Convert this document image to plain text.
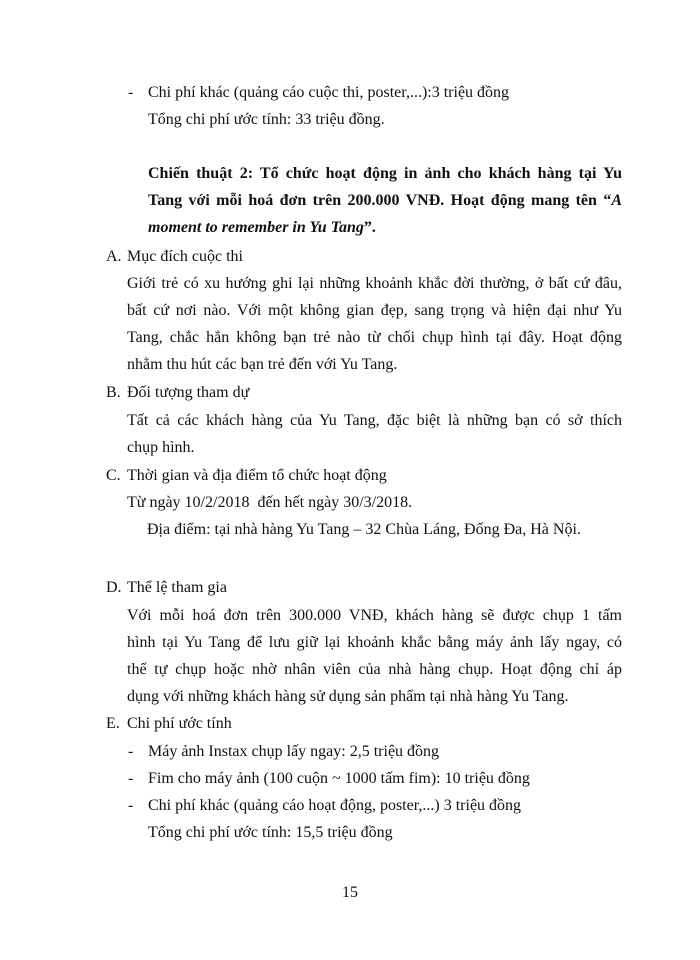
- Chi phí khác (quảng cáo cuộc thi, poster,...):3 triệu đồng
Tổng chi phí ước tính: 33 triệu đồng.
Chiến thuật 2: Tổ chức hoạt động in ảnh cho khách hàng tại Yu
Tang với mỗi hoá đơn trên 200.000 VNĐ. Hoạt động mang tên “A
moment to remember in Yu Tang”.
A. Mục đích cuộc thi
Giới trẻ có xu hướng ghi lại những khoảnh khắc đời thường, ở bất cứ đâu,
bất cứ nơi nào. Với một không gian đẹp, sang trọng và hiện đại như Yu
Tang, chắc hẳn không bạn trẻ nào từ chối chụp hình tại đây. Hoạt động
nhằm thu hút các bạn trẻ đến với Yu Tang.
B. Đối tượng tham dự
Tất cả các khách hàng của Yu Tang, đặc biệt là những bạn có sở thích
chụp hình.
C. Thời gian và địa điểm tổ chức hoạt động
Từ ngày 10/2/2018  đến hết ngày 30/3/2018.
Địa điểm: tại nhà hàng Yu Tang – 32 Chùa Láng, Đống Đa, Hà Nội.
D. Thể lệ tham gia
Với mỗi hoá đơn trên 300.000 VNĐ, khách hàng sẽ được chụp 1 tấm
hình tại Yu Tang để lưu giữ lại khoảnh khắc bằng máy ảnh lấy ngay, có
thể tự chụp hoặc nhờ nhân viên của nhà hàng chụp. Hoạt động chỉ áp
dụng với những khách hàng sử dụng sản phẩm tại nhà hàng Yu Tang.
E. Chi phí ước tính
- Máy ảnh Instax chụp lấy ngay: 2,5 triệu đồng
- Fim cho máy ảnh (100 cuộn ~ 1000 tấm fim): 10 triệu đồng
- Chi phí khác (quảng cáo hoạt động, poster,...) 3 triệu đồng
Tổng chi phí ước tính: 15,5 triệu đồng
15
